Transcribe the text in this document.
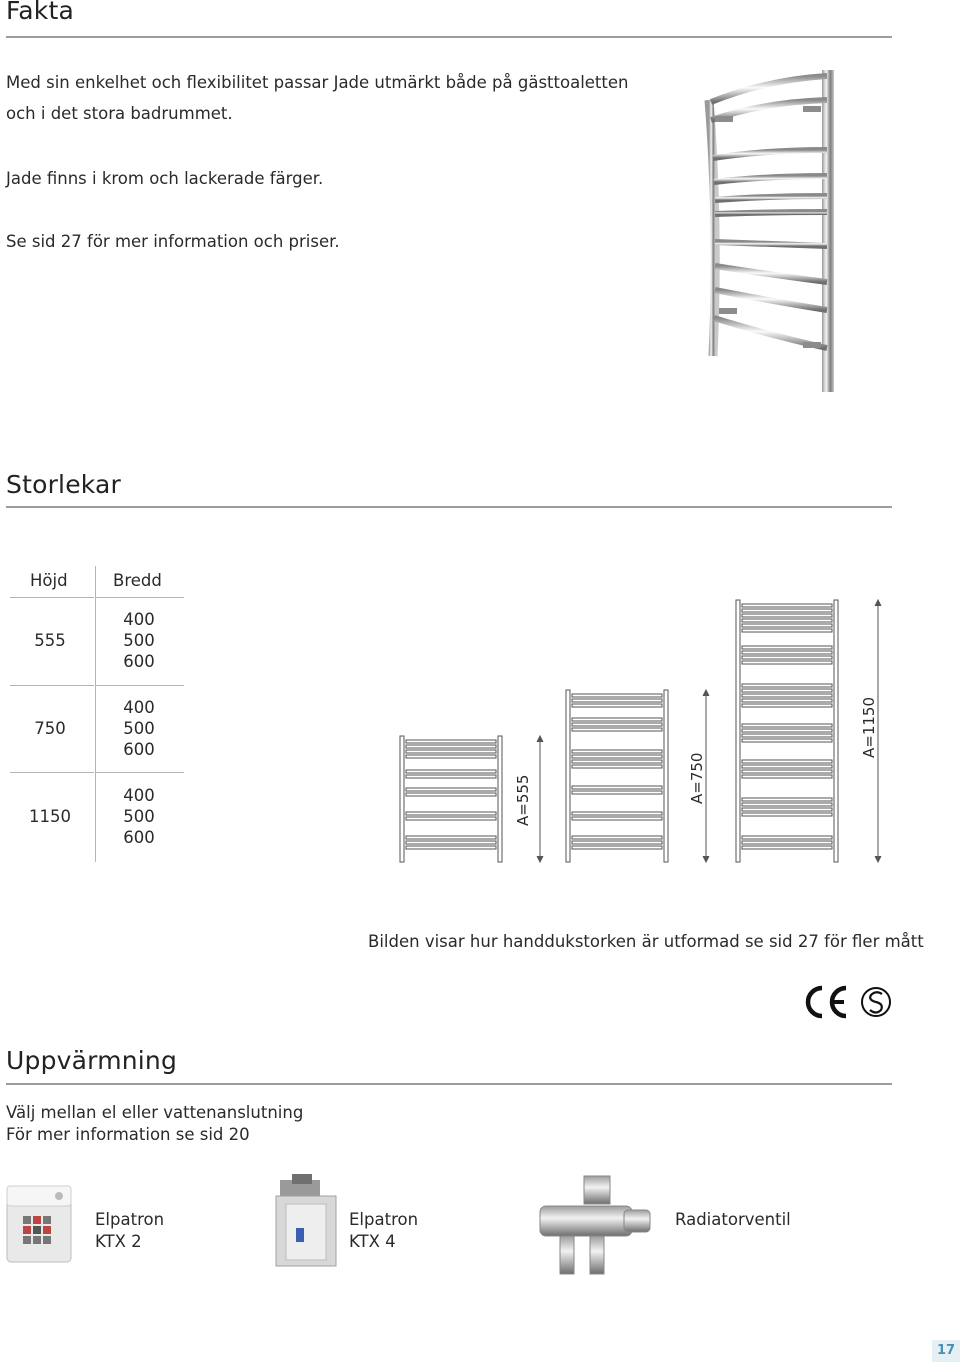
Fakta
Med sin enkelhet och flexibilitet passar Jade utmärkt både på gästtoaletten
och i det stora badrummet.
Jade finns i krom och lackerade färger.
Se sid 27 för mer information och priser.
Storlekar
Höjd	Bredd
555
400
500
600
750
400
500
600
1150
400
500
600
A=555	A=750
A=1150
Bilden visar hur handdukstorken är utformad se sid 27 för fler mått
Uppvärmning
Välj mellan el eller vattenanslutning
För mer information se sid 20
Elpatron
KTX 2
Elpatron
KTX 4
Radiatorventil
17
